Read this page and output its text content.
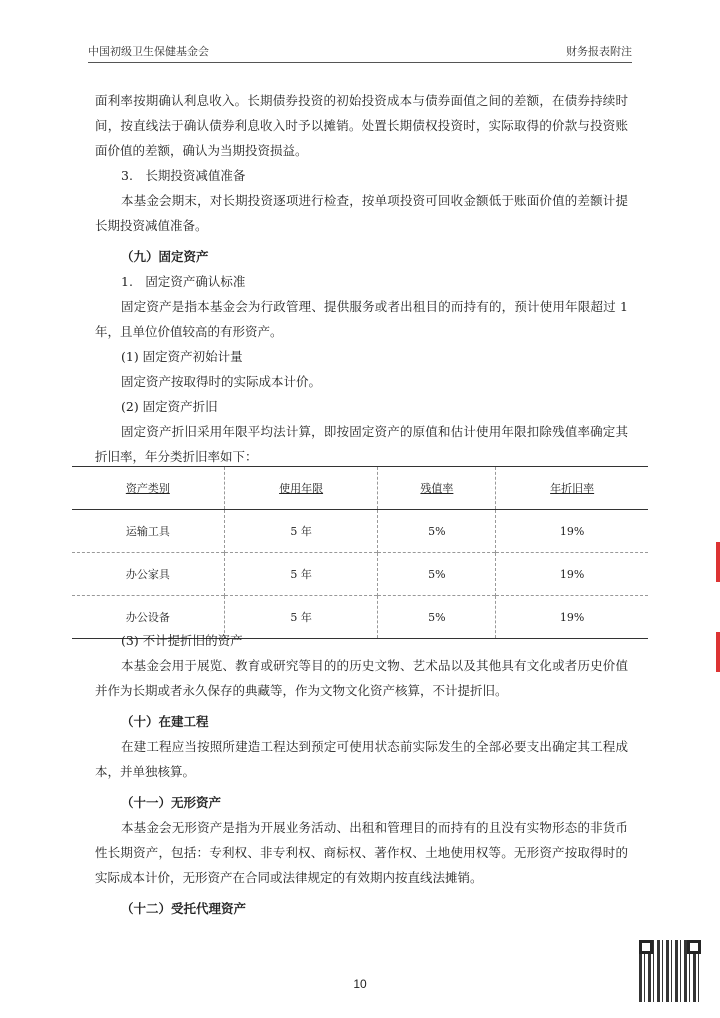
中国初级卫生保健基金会	财务报表附注

面利率按期确认利息收入。长期债券投资的初始投资成本与债券面值之间的差额，在债券持续时间，按直线法于确认债券利息收入时予以摊销。处置长期债权投资时，实际取得的价款与投资账面价值的差额，确认为当期投资损益。

3.　长期投资减值准备

本基金会期末，对长期投资逐项进行检查，按单项投资可回收金额低于账面价值的差额计提长期投资减值准备。

（九）固定资产

1.　固定资产确认标准

固定资产是指本基金会为行政管理、提供服务或者出租目的而持有的，预计使用年限超过 1 年，且单位价值较高的有形资产。

(1) 固定资产初始计量

固定资产按取得时的实际成本计价。

(2) 固定资产折旧

固定资产折旧采用年限平均法计算，即按固定资产的原值和估计使用年限扣除残值率确定其折旧率，年分类折旧率如下：

资产类别	使用年限	残值率	年折旧率
运输工具	5 年	5%	19%
办公家具	5 年	5%	19%
办公设备	5 年	5%	19%

(3) 不计提折旧的资产

本基金会用于展览、教育或研究等目的的历史文物、艺术品以及其他具有文化或者历史价值并作为长期或者永久保存的典藏等，作为文物文化资产核算，不计提折旧。

（十）在建工程

在建工程应当按照所建造工程达到预定可使用状态前实际发生的全部必要支出确定其工程成本，并单独核算。

（十一）无形资产

本基金会无形资产是指为开展业务活动、出租和管理目的而持有的且没有实物形态的非货币性长期资产，包括：专利权、非专利权、商标权、著作权、土地使用权等。无形资产按取得时的实际成本计价，无形资产在合同或法律规定的有效期内按直线法摊销。

（十二）受托代理资产

10
